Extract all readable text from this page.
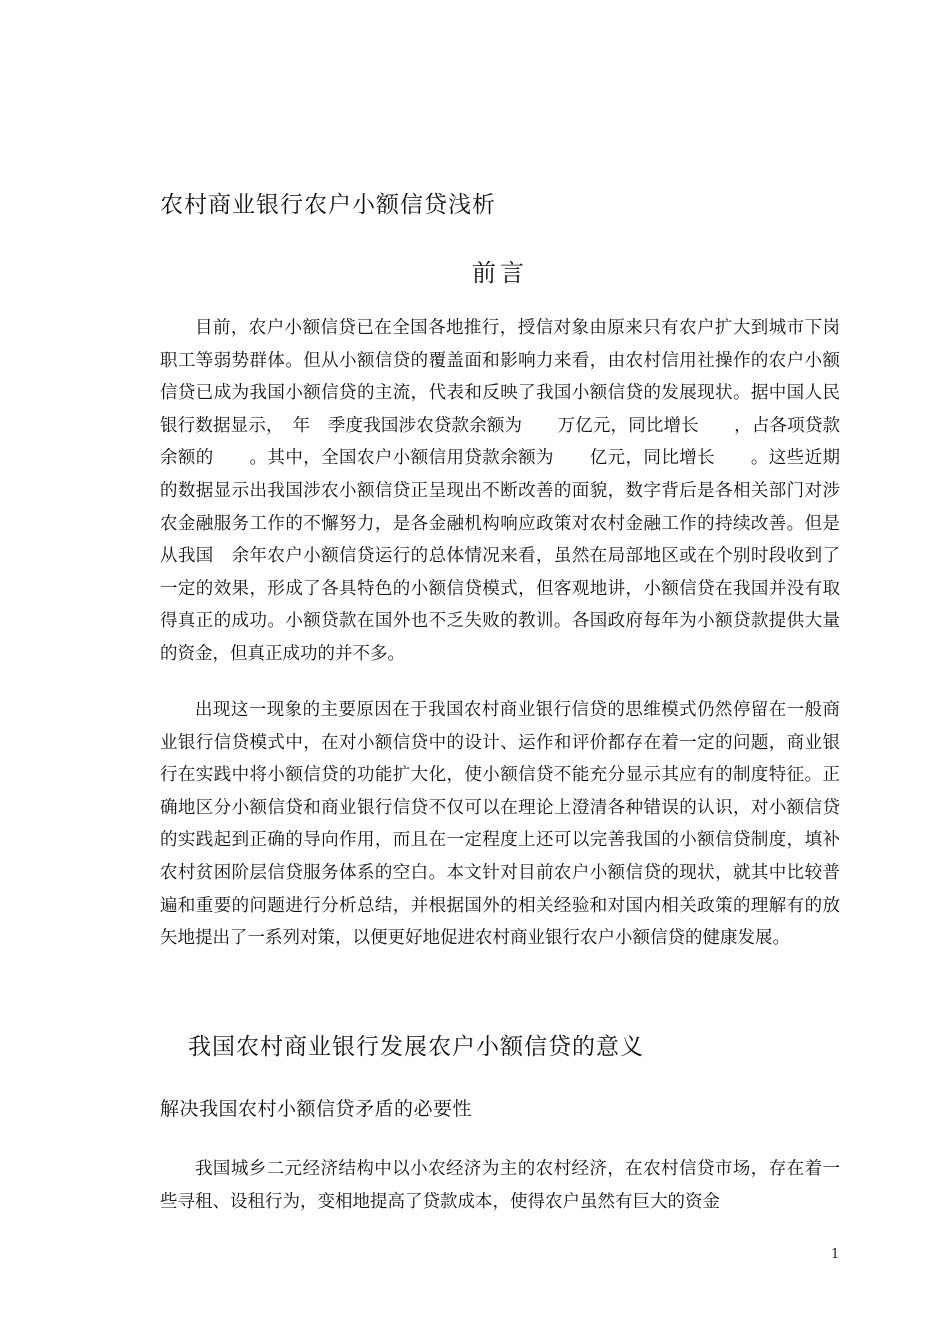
农村商业银行农户小额信贷浅析
前言

目前，农户小额信贷已在全国各地推行，授信对象由原来只有农户扩大到城市下岗职工等弱势群体。但从小额信贷的覆盖面和影响力来看，由农村信用社操作的农户小额信贷已成为我国小额信贷的主流，代表和反映了我国小额信贷的发展现状。据中国人民银行数据显示，　年　季度我国涉农贷款余额为　　万亿元，同比增长　　，占各项贷款余额的　　。其中，全国农户小额信用贷款余额为　　亿元，同比增长　　。这些近期的数据显示出我国涉农小额信贷正呈现出不断改善的面貌，数字背后是各相关部门对涉农金融服务工作的不懈努力，是各金融机构响应政策对农村金融工作的持续改善。但是从我国　余年农户小额信贷运行的总体情况来看，虽然在局部地区或在个别时段收到了一定的效果，形成了各具特色的小额信贷模式，但客观地讲，小额信贷在我国并没有取得真正的成功。小额贷款在国外也不乏失败的教训。各国政府每年为小额贷款提供大量的资金，但真正成功的并不多。

出现这一现象的主要原因在于我国农村商业银行信贷的思维模式仍然停留在一般商业银行信贷模式中，在对小额信贷中的设计、运作和评价都存在着一定的问题，商业银行在实践中将小额信贷的功能扩大化，使小额信贷不能充分显示其应有的制度特征。正确地区分小额信贷和商业银行信贷不仅可以在理论上澄清各种错误的认识，对小额信贷的实践起到正确的导向作用，而且在一定程度上还可以完善我国的小额信贷制度，填补农村贫困阶层信贷服务体系的空白。本文针对目前农户小额信贷的现状，就其中比较普遍和重要的问题进行分析总结，并根据国外的相关经验和对国内相关政策的理解有的放矢地提出了一系列对策，以便更好地促进农村商业银行农户小额信贷的健康发展。

我国农村商业银行发展农户小额信贷的意义
解决我国农村小额信贷矛盾的必要性

我国城乡二元经济结构中以小农经济为主的农村经济，在农村信贷市场，存在着一些寻租、设租行为，变相地提高了贷款成本，使得农户虽然有巨大的资金

1
